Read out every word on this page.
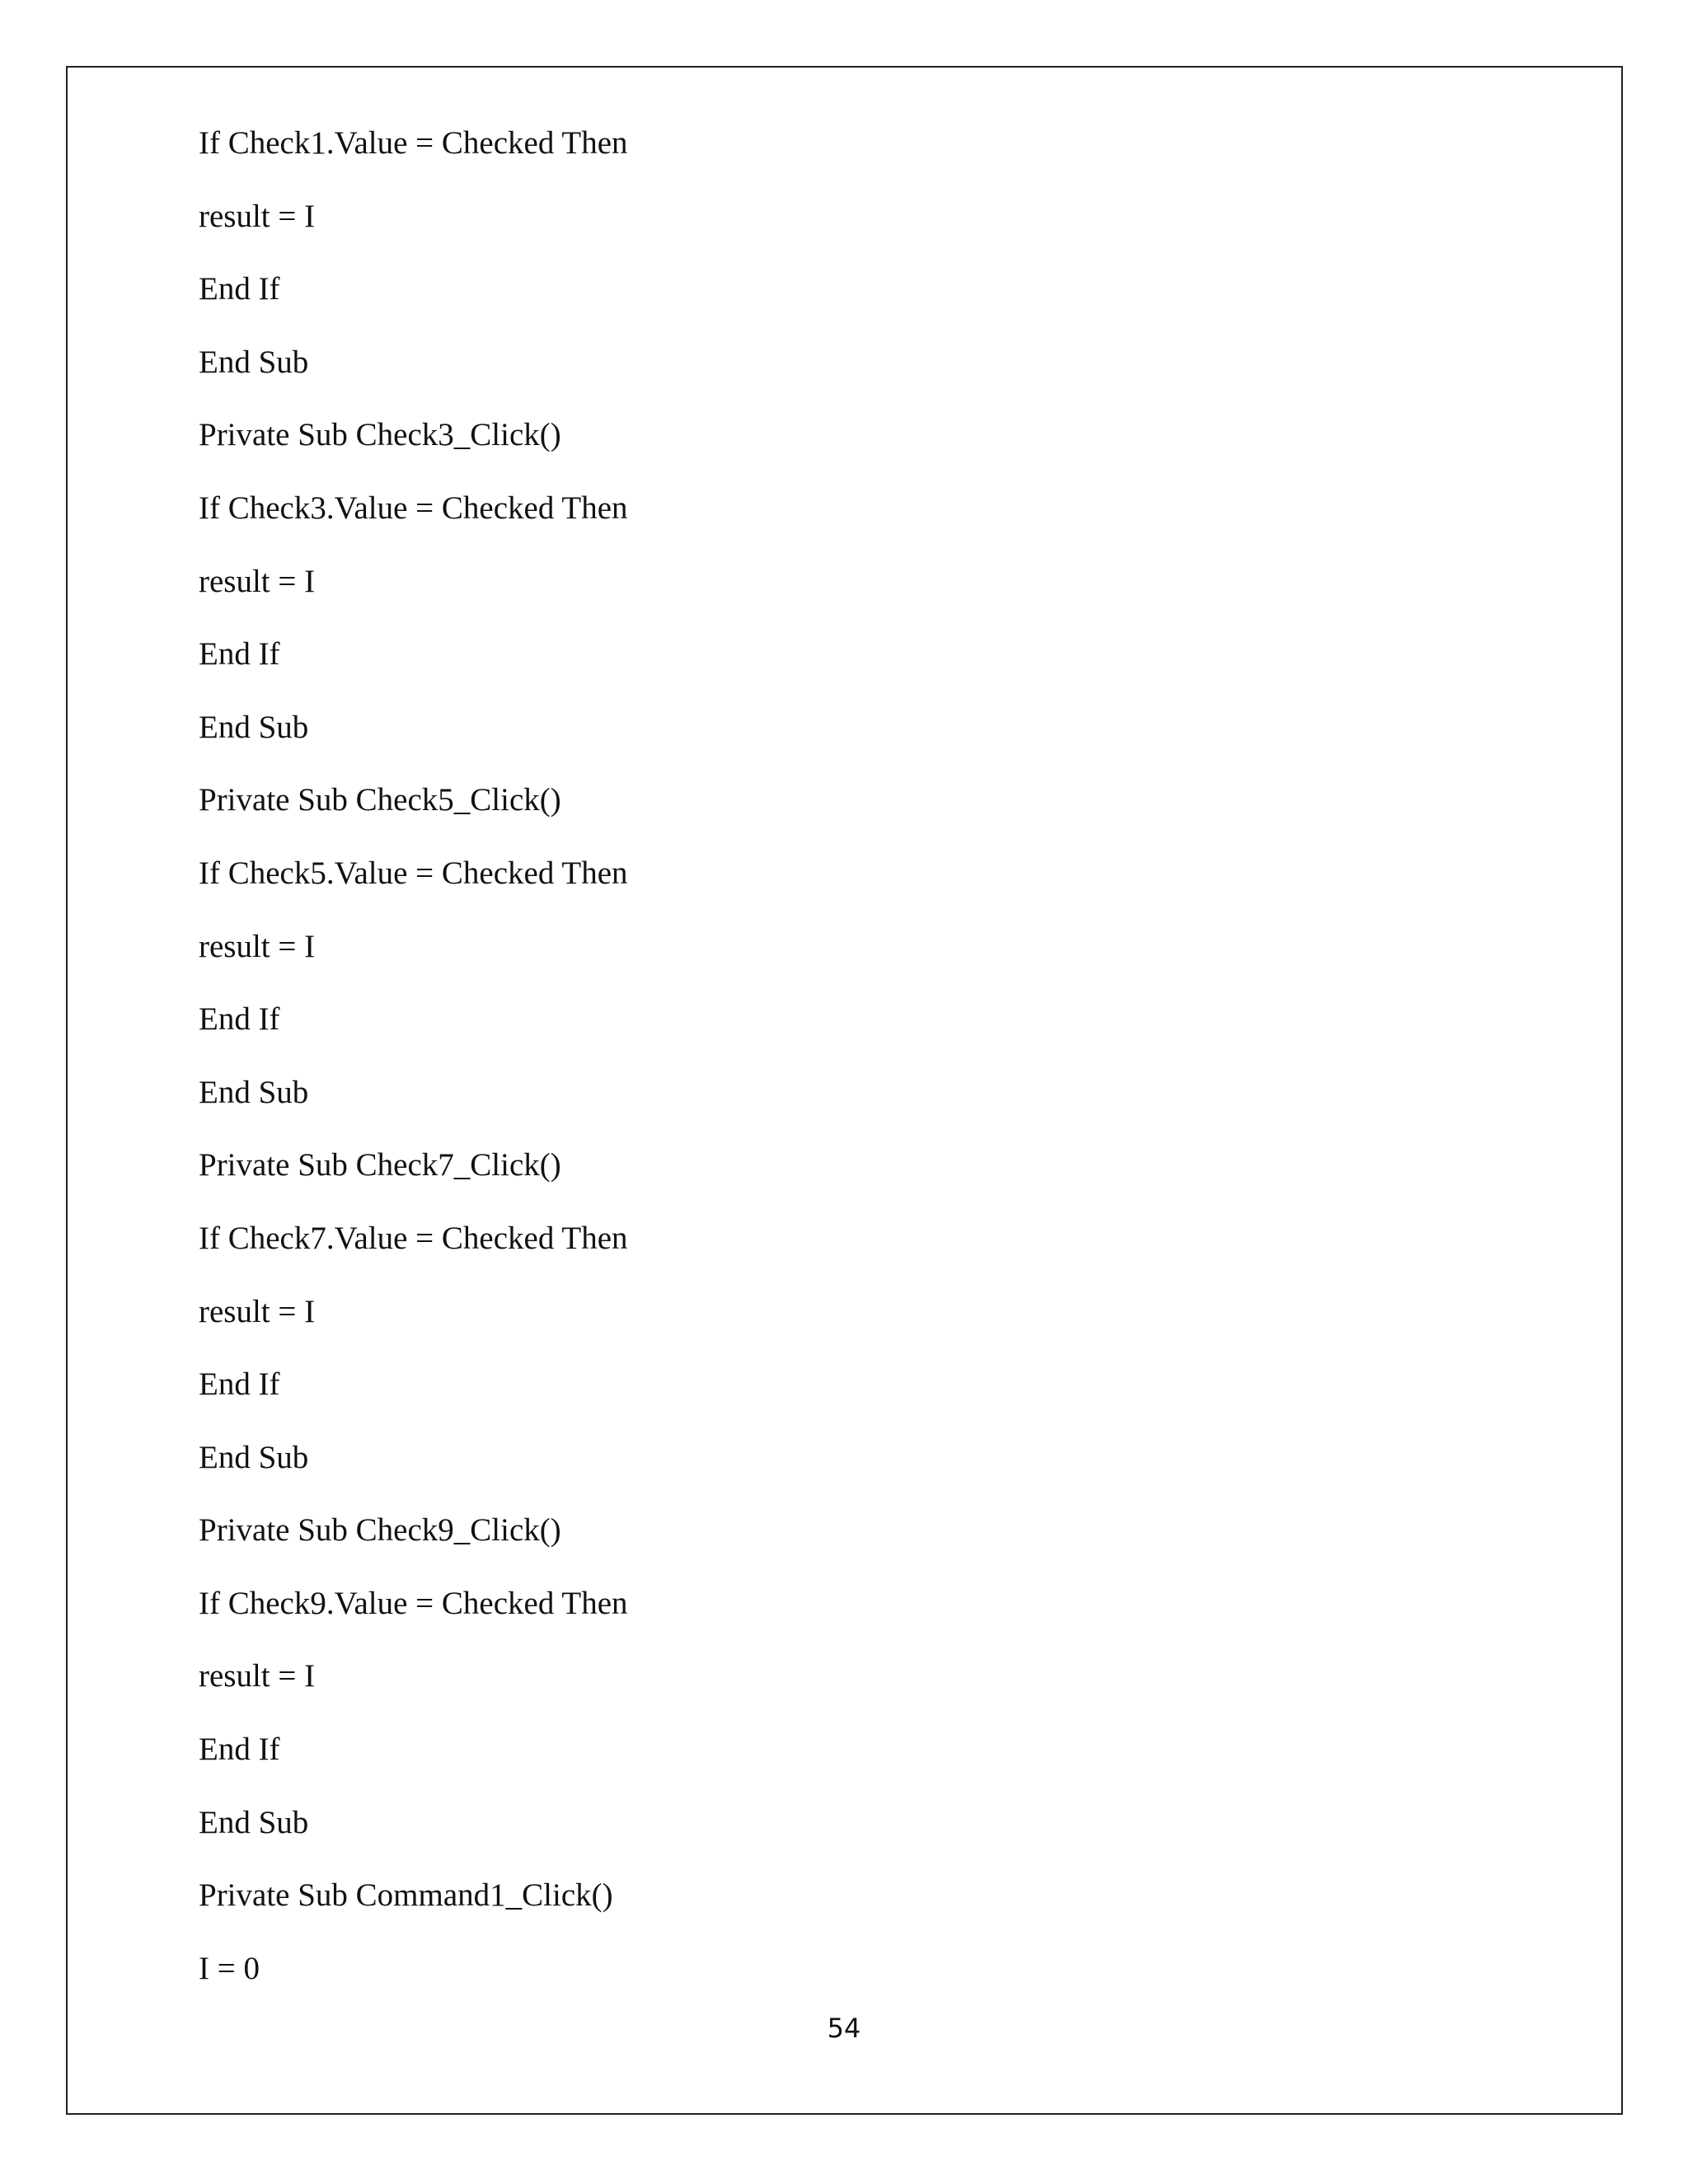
If Check1.Value = Checked Then
result = I
End If
End Sub
Private Sub Check3_Click()
If Check3.Value = Checked Then
result = I
End If
End Sub
Private Sub Check5_Click()
If Check5.Value = Checked Then
result = I
End If
End Sub
Private Sub Check7_Click()
If Check7.Value = Checked Then
result = I
End If
End Sub
Private Sub Check9_Click()
If Check9.Value = Checked Then
result = I
End If
End Sub
Private Sub Command1_Click()
I = 0
54
